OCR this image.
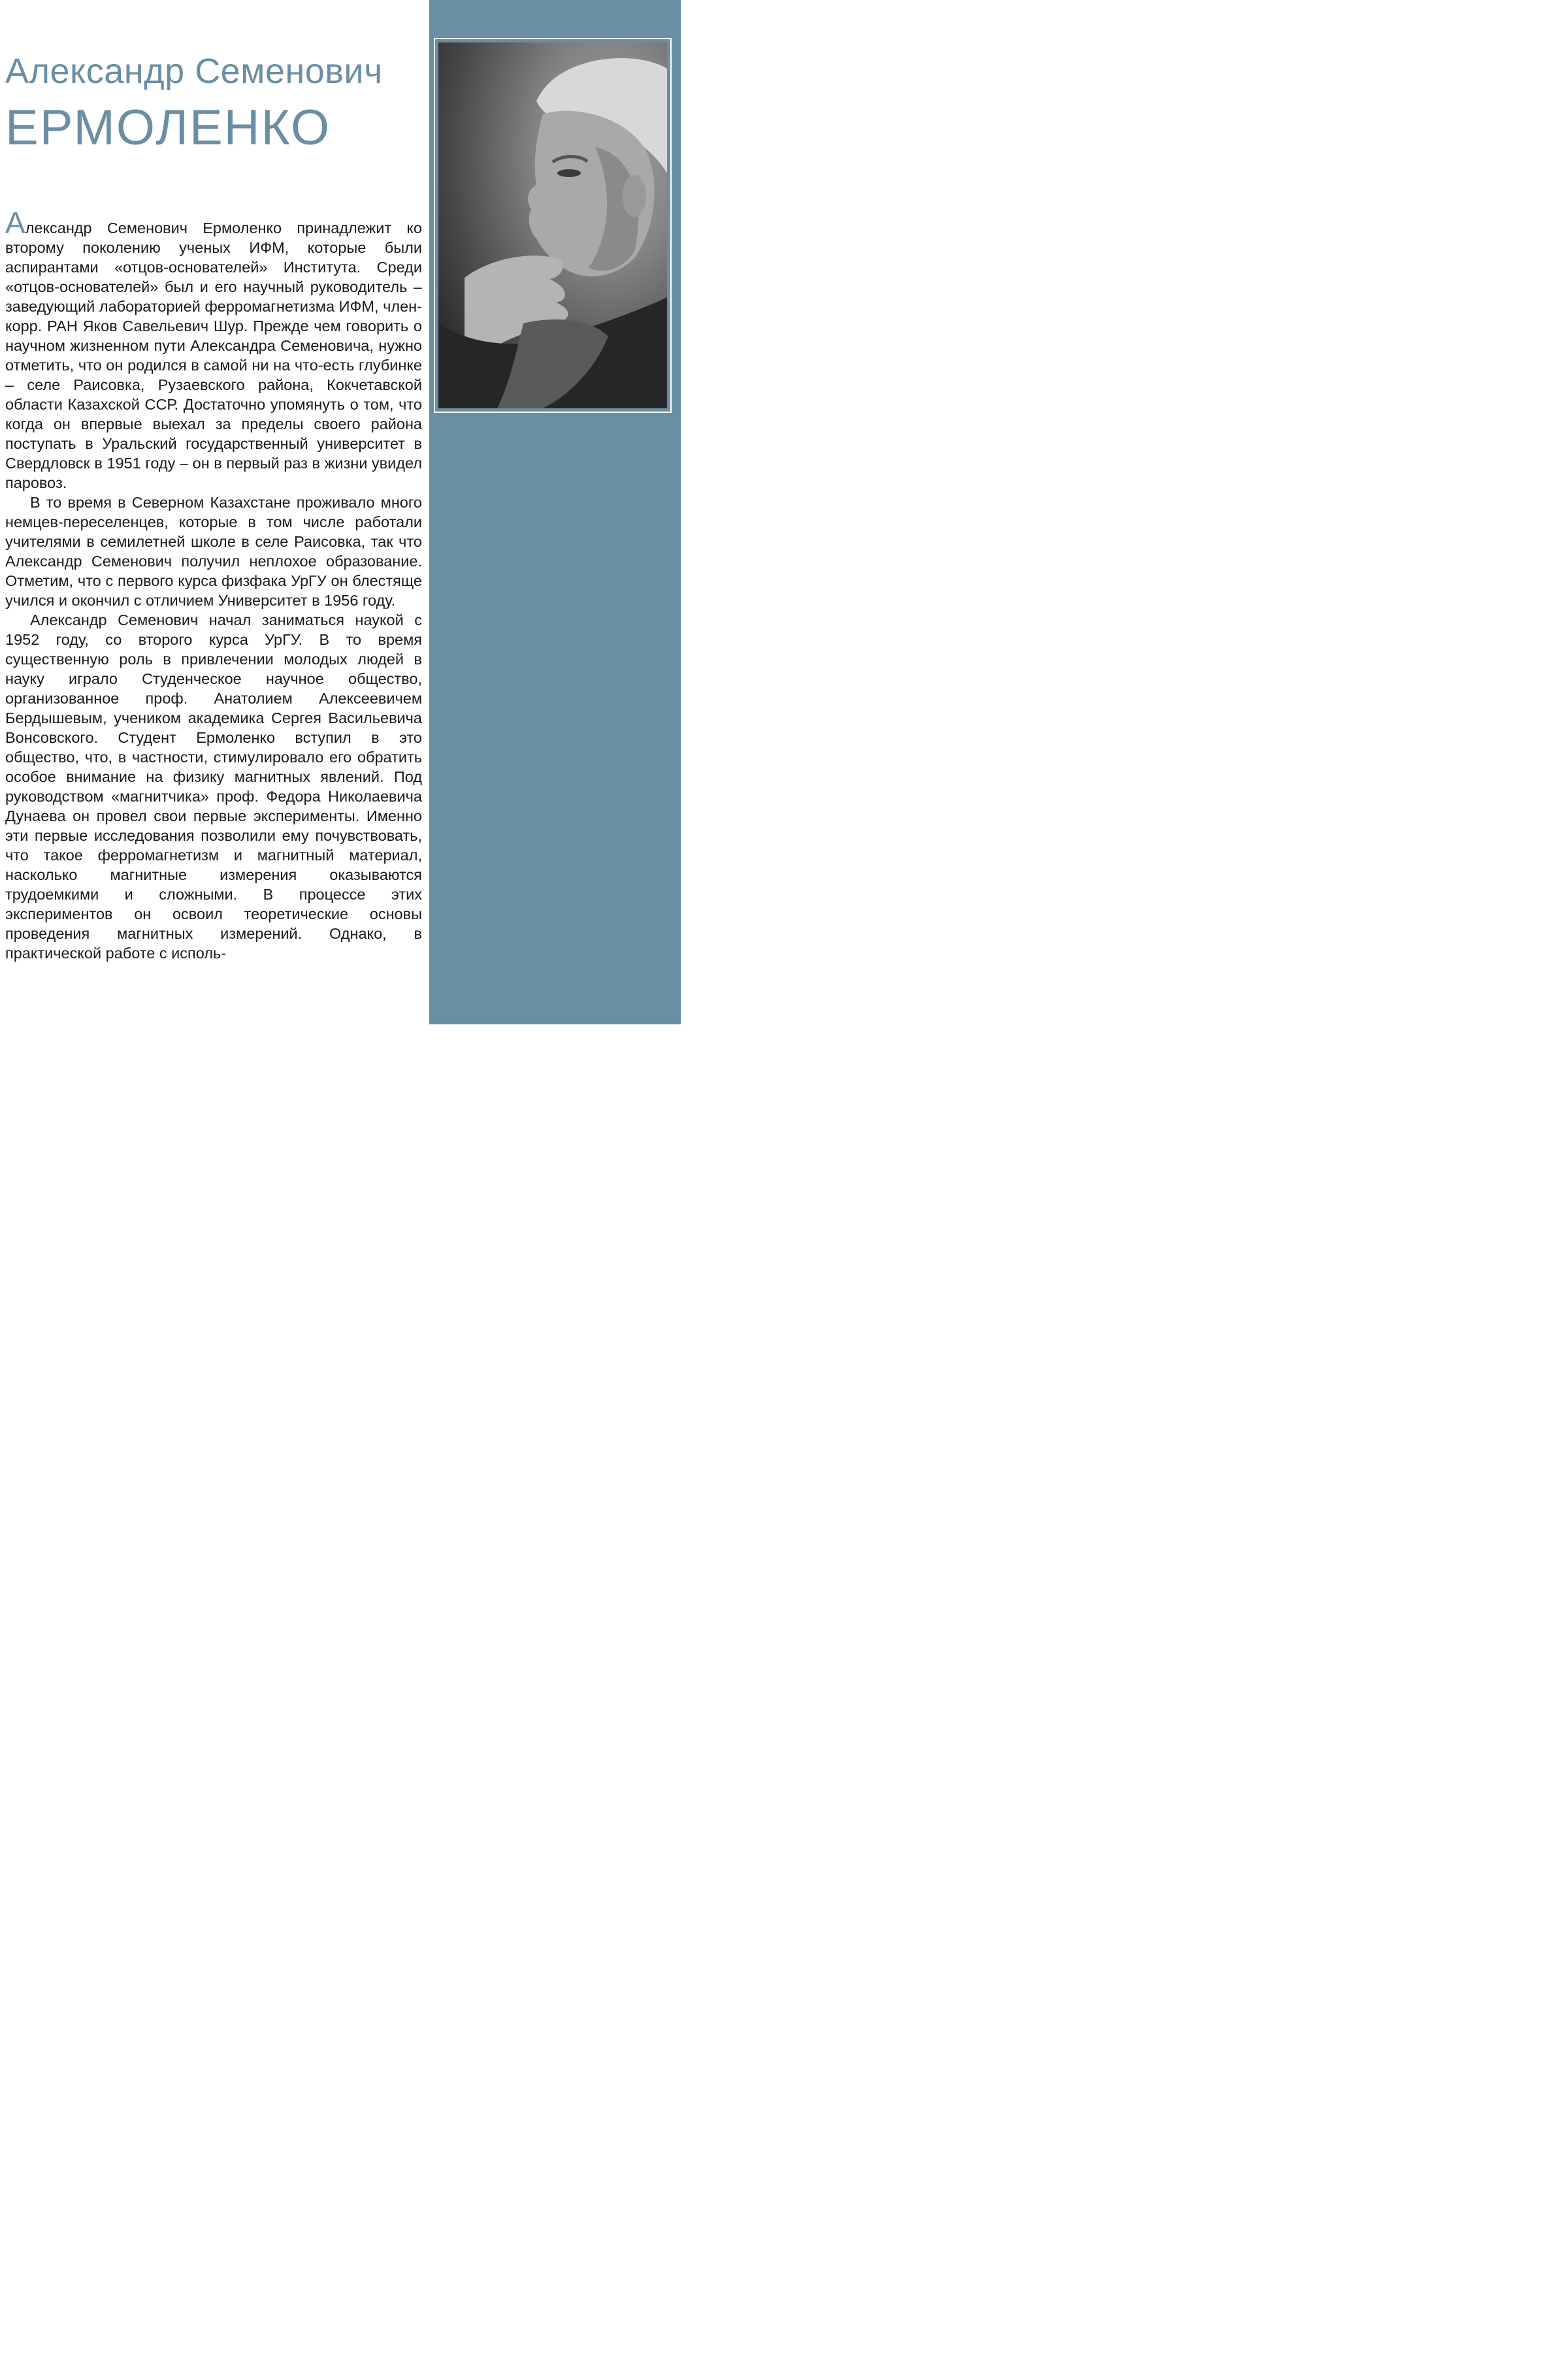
Александр Семенович
ЕРМОЛЕНКО

Александр Семенович Ермоленко принадлежит ко второму поколению ученых ИФМ, которые были аспирантами «отцов-основателей» Института. Среди «отцов-основателей» был и его научный руководитель – заведующий лабораторией ферромагнетизма ИФМ, член-корр. РАН Яков Савельевич Шур. Прежде чем говорить о научном жизненном пути Александра Семеновича, нужно отметить, что он родился в самой ни на что-есть глубинке – селе Раисовка, Рузаевского района, Кокчетавской области Казахской ССР. Достаточно упомянуть о том, что когда он впервые выехал за пределы своего района поступать в Уральский государственный университет в Свердловск в 1951 году – он в первый раз в жизни увидел паровоз.

В то время в Северном Казахстане проживало много немцев-переселенцев, которые в том числе работали учителями в семилетней школе в селе Раисовка, так что Александр Семенович получил неплохое образование. Отметим, что с первого курса физфака УрГУ он блестяще учился и окончил с отличием Университет в 1956 году.

Александр Семенович начал заниматься наукой с 1952 году, со второго курса УрГУ. В то время существенную роль в привлечении молодых людей в науку играло Студенческое научное общество, организованное проф. Анатолием Алексеевичем Бердышевым, учеником академика Сергея Васильевича Вонсовского. Студент Ермоленко вступил в это общество, что, в частности, стимулировало его обратить особое внимание на физику магнитных явлений. Под руководством «магнитчика» проф. Федора Николаевича Дунаева он провел свои первые эксперименты. Именно эти первые исследования позволили ему почувствовать, что такое ферромагнетизм и магнитный материал, насколько магнитные измерения оказываются трудоемкими и сложными. В процессе этих экспериментов он освоил теоретические основы проведения магнитных измерений. Однако, в практической работе с исполь-
